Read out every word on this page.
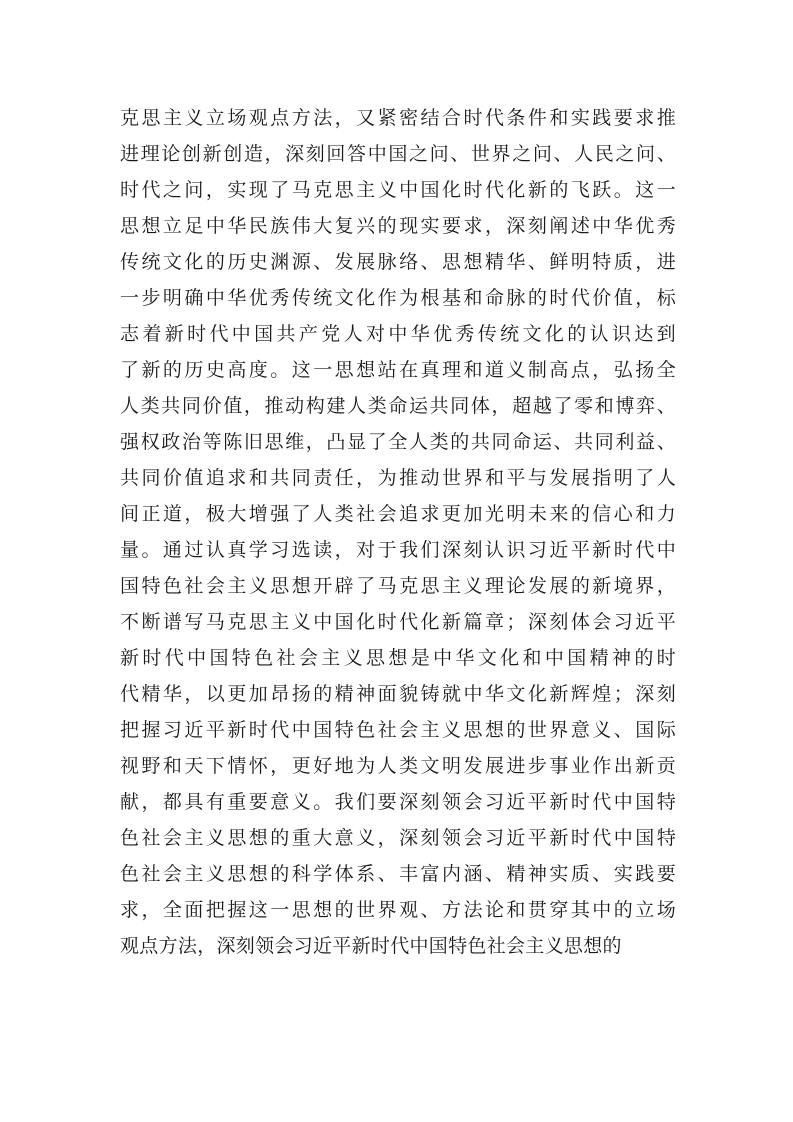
克思主义立场观点方法，又紧密结合时代条件和实践要求推
进理论创新创造，深刻回答中国之问、世界之问、人民之问、
时代之问，实现了马克思主义中国化时代化新的飞跃。这一
思想立足中华民族伟大复兴的现实要求，深刻阐述中华优秀
传统文化的历史渊源、发展脉络、思想精华、鲜明特质，进
一步明确中华优秀传统文化作为根基和命脉的时代价值，标
志着新时代中国共产党人对中华优秀传统文化的认识达到
了新的历史高度。这一思想站在真理和道义制高点，弘扬全
人类共同价值，推动构建人类命运共同体，超越了零和博弈、
强权政治等陈旧思维，凸显了全人类的共同命运、共同利益、
共同价值追求和共同责任，为推动世界和平与发展指明了人
间正道，极大增强了人类社会追求更加光明未来的信心和力
量。通过认真学习选读，对于我们深刻认识习近平新时代中
国特色社会主义思想开辟了马克思主义理论发展的新境界，
不断谱写马克思主义中国化时代化新篇章；深刻体会习近平
新时代中国特色社会主义思想是中华文化和中国精神的时
代精华，以更加昂扬的精神面貌铸就中华文化新辉煌；深刻
把握习近平新时代中国特色社会主义思想的世界意义、国际
视野和天下情怀，更好地为人类文明发展进步事业作出新贡
献，都具有重要意义。我们要深刻领会习近平新时代中国特
色社会主义思想的重大意义，深刻领会习近平新时代中国特
色社会主义思想的科学体系、丰富内涵、精神实质、实践要
求，全面把握这一思想的世界观、方法论和贯穿其中的立场
观点方法，深刻领会习近平新时代中国特色社会主义思想的
